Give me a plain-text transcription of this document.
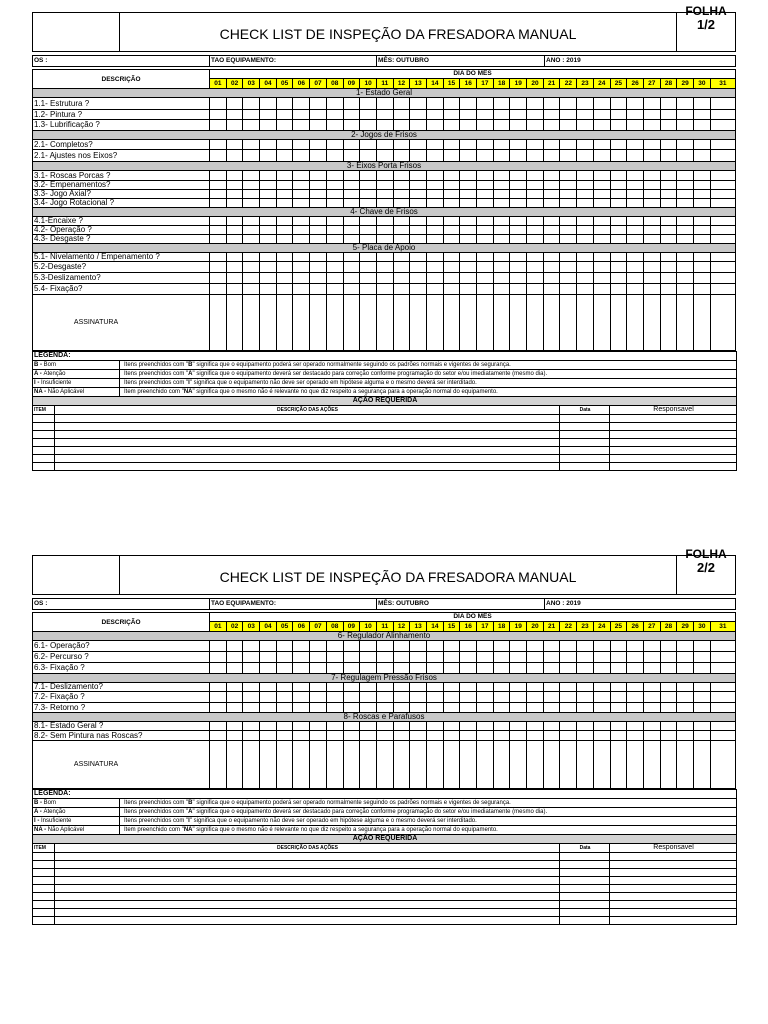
CHECK LIST DE INSPEÇÃO DA FRESADORA MANUAL
FOLHA
1/2
OS :	TAO EQUIPAMENTO:	MÊS: OUTUBRO	ANO : 2019
DESCRIÇÃO	DIA DO MÊS																														
	01	02	03	04	05	06	07	08	09	10	11	12	13	14	15	16	17	18	19	20	21	22	23	24	25	26	27	28	29	30	31
1- Estado Geral																															
1.1- Estrutura ?																															
1.2- Pintura ?																															
1.3- Lubrificação ?																															
2- Jogos de Frisos																															
2.1- Completos?																															
2.1- Ajustes nos Eixos?																															
3- Eixos Porta Frisos																															
3.1- Roscas Porcas ?																															
3.2- Empenamentos?																															
3.3- Jogo Axial?																															
3.4- Jogo Rotacional ?																															
4- Chave de Frisos																															
4.1-Encaixe ?																															
4.2- Operação ?																															
4.3- Desgaste ?																															
5- Placa de Apoio																															
5.1- Nivelamento / Empenamento ?																															
5.2-Desgaste?																															
5.3-Deslizamento?																															
5.4- Fixação?																															
ASSINATURA																															
LEGENDA:				
B - Bom		Itens preenchidos com "B" significa que o equipamento poderá ser operado normalmente seguindo os padrões normais e vigentes de segurança.		
A - Atenção		Itens preenchidos com "A" significa que o equipamento deverá ser destacado para correção conforme programação do setor e/ou imediatamente (mesmo dia).		
I - Insuficiente		Itens preenchidos com "I" significa que o equipamento não deve ser operado em hipótese alguma e o mesmo deverá ser interditado.		
NA - Não Aplicável		Item preenchido com "NA" significa que o mesmo não é relevante no que diz respeito a segurança para a operação normal do equipamento.		
AÇÃO REQUERIDA				
ITEM	DESCRIÇÃO DAS AÇÕES		Data	Responsavel

CHECK LIST DE INSPEÇÃO DA FRESADORA MANUAL
FOLHA
2/2
OS :	TAO EQUIPAMENTO:	MÊS: OUTUBRO	ANO : 2019
DESCRIÇÃO	DIA DO MÊS																														
	01	02	03	04	05	06	07	08	09	10	11	12	13	14	15	16	17	18	19	20	21	22	23	24	25	26	27	28	29	30	31
6- Regulador Alinhamento																															
6.1- Operação?																															
6.2- Percurso ?																															
6.3- Fixação ?																															
7- Regulagem Pressão Frisos																															
7.1- Deslizamento?																															
7.2- Fixação ?																															
7.3- Retorno ?																															
8- Roscas e Parafusos																															
8.1- Estado Geral ?																															
8.2- Sem Pintura nas Roscas?																															
ASSINATURA																															
LEGENDA:				
B - Bom		Itens preenchidos com "B" significa que o equipamento poderá ser operado normalmente seguindo os padrões normais e vigentes de segurança.		
A - Atenção		Itens preenchidos com "A" significa que o equipamento deverá ser destacado para correção conforme programação do setor e/ou imediatamente (mesmo dia).		
I - Insuficiente		Itens preenchidos com "I" significa que o equipamento não deve ser operado em hipótese alguma e o mesmo deverá ser interditado.		
NA - Não Aplicável		Item preenchido com "NA" significa que o mesmo não é relevante no que diz respeito a segurança para a operação normal do equipamento.		
AÇÃO REQUERIDA				
ITEM	DESCRIÇÃO DAS AÇÕES		Data	Responsavel
